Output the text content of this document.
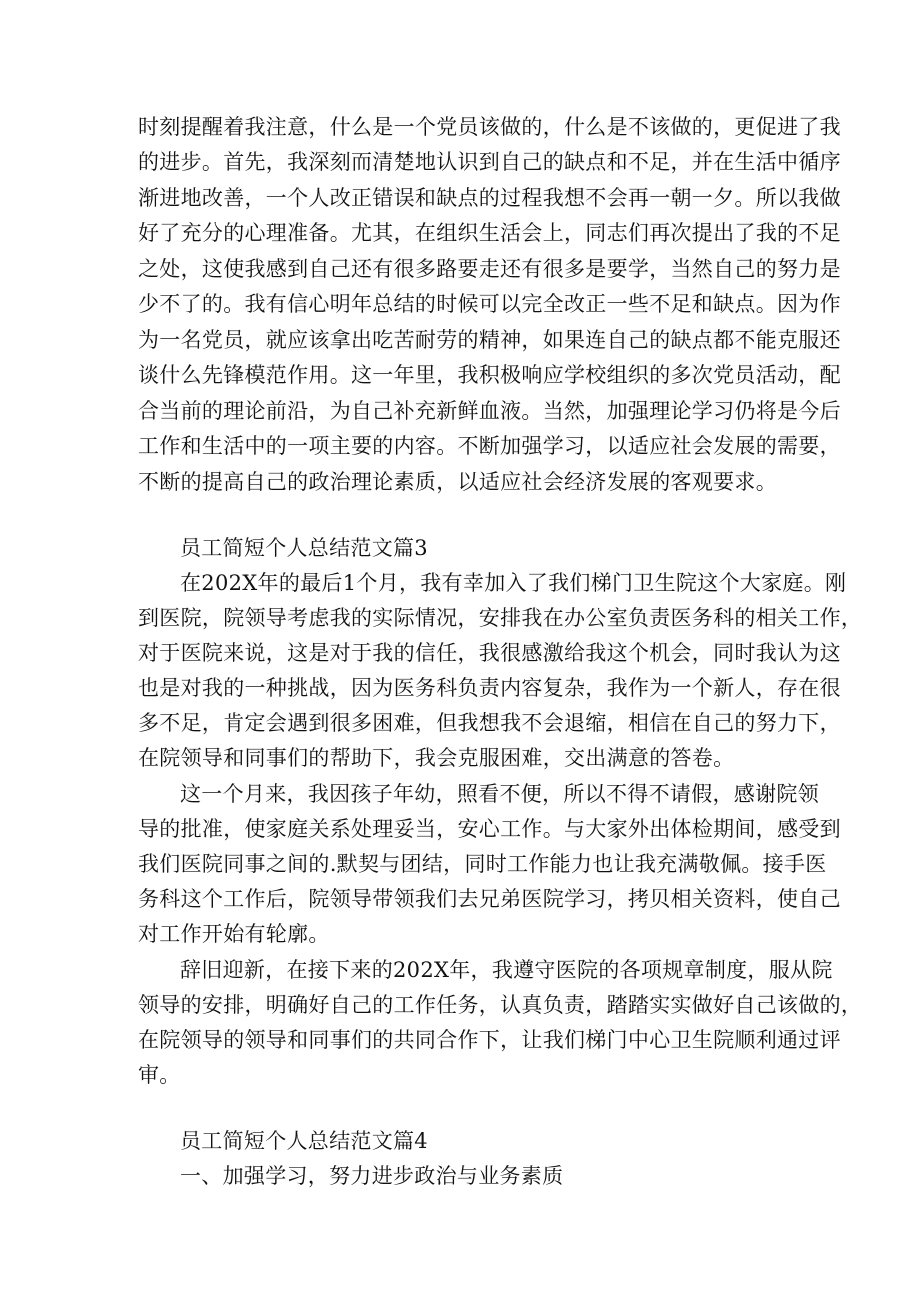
时刻提醒着我注意，什么是一个党员该做的，什么是不该做的，更促进了我
的进步。首先，我深刻而清楚地认识到自己的缺点和不足，并在生活中循序
渐进地改善，一个人改正错误和缺点的过程我想不会再一朝一夕。所以我做
好了充分的心理准备。尤其，在组织生活会上，同志们再次提出了我的不足
之处，这使我感到自己还有很多路要走还有很多是要学，当然自己的努力是
少不了的。我有信心明年总结的时候可以完全改正一些不足和缺点。因为作
为一名党员，就应该拿出吃苦耐劳的精神，如果连自己的缺点都不能克服还
谈什么先锋模范作用。这一年里，我积极响应学校组织的多次党员活动，配
合当前的理论前沿，为自己补充新鲜血液。当然，加强理论学习仍将是今后
工作和生活中的一项主要的内容。不断加强学习，以适应社会发展的需要，
不断的提高自己的政治理论素质，以适应社会经济发展的客观要求。
员工简短个人总结范文篇3
在202X年的最后1个月，我有幸加入了我们梯门卫生院这个大家庭。刚
到医院，院领导考虑我的实际情况，安排我在办公室负责医务科的相关工作，
对于医院来说，这是对于我的信任，我很感激给我这个机会，同时我认为这
也是对我的一种挑战，因为医务科负责内容复杂，我作为一个新人，存在很
多不足，肯定会遇到很多困难，但我想我不会退缩，相信在自己的努力下，
在院领导和同事们的帮助下，我会克服困难，交出满意的答卷。
这一个月来，我因孩子年幼，照看不便，所以不得不请假，感谢院领
导的批准，使家庭关系处理妥当，安心工作。与大家外出体检期间，感受到
我们医院同事之间的.默契与团结，同时工作能力也让我充满敬佩。接手医
务科这个工作后，院领导带领我们去兄弟医院学习，拷贝相关资料，使自己
对工作开始有轮廓。
辞旧迎新，在接下来的202X年，我遵守医院的各项规章制度，服从院
领导的安排，明确好自己的工作任务，认真负责，踏踏实实做好自己该做的，
在院领导的领导和同事们的共同合作下，让我们梯门中心卫生院顺利通过评
审。
员工简短个人总结范文篇4
一、加强学习，努力进步政治与业务素质
